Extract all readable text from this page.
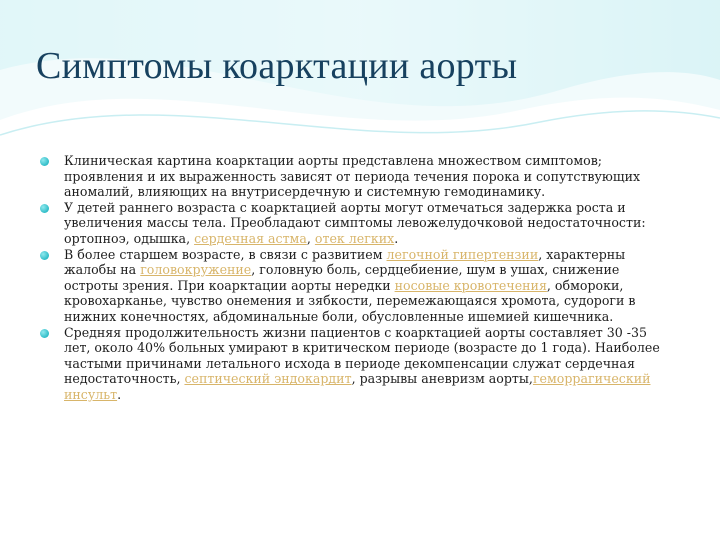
Симптомы коарктации аорты
Клиническая картина коарктации аорты представлена множеством симптомов; проявления и их выраженность зависят от периода течения порока и сопутствующих аномалий, влияющих на внутрисердечную и системную гемодинамику.
У детей раннего возраста с коарктацией аорты могут отмечаться задержка роста и увеличения массы тела. Преобладают симптомы левожелудочковой недостаточности: ортопноэ, одышка, сердечная астма, отек легких.
В более старшем возрасте, в связи с развитием легочной гипертензии, характерны жалобы на головокружение, головную боль, сердцебиение, шум в ушах, снижение остроты зрения. При коарктации аорты нередки носовые кровотечения, обмороки, кровохарканье, чувство онемения и зябкости, перемежающаяся хромота, судороги в нижних конечностях, абдоминальные боли, обусловленные ишемией кишечника.
Средняя продолжительность жизни пациентов с коарктацией аорты составляет 30 -35 лет, около 40% больных умирают в критическом периоде (возрасте до 1 года). Наиболее частыми причинами летального исхода в периоде декомпенсации служат сердечная недостаточность, септический эндокардит, разрывы аневризм аорты,геморрагический инсульт.
